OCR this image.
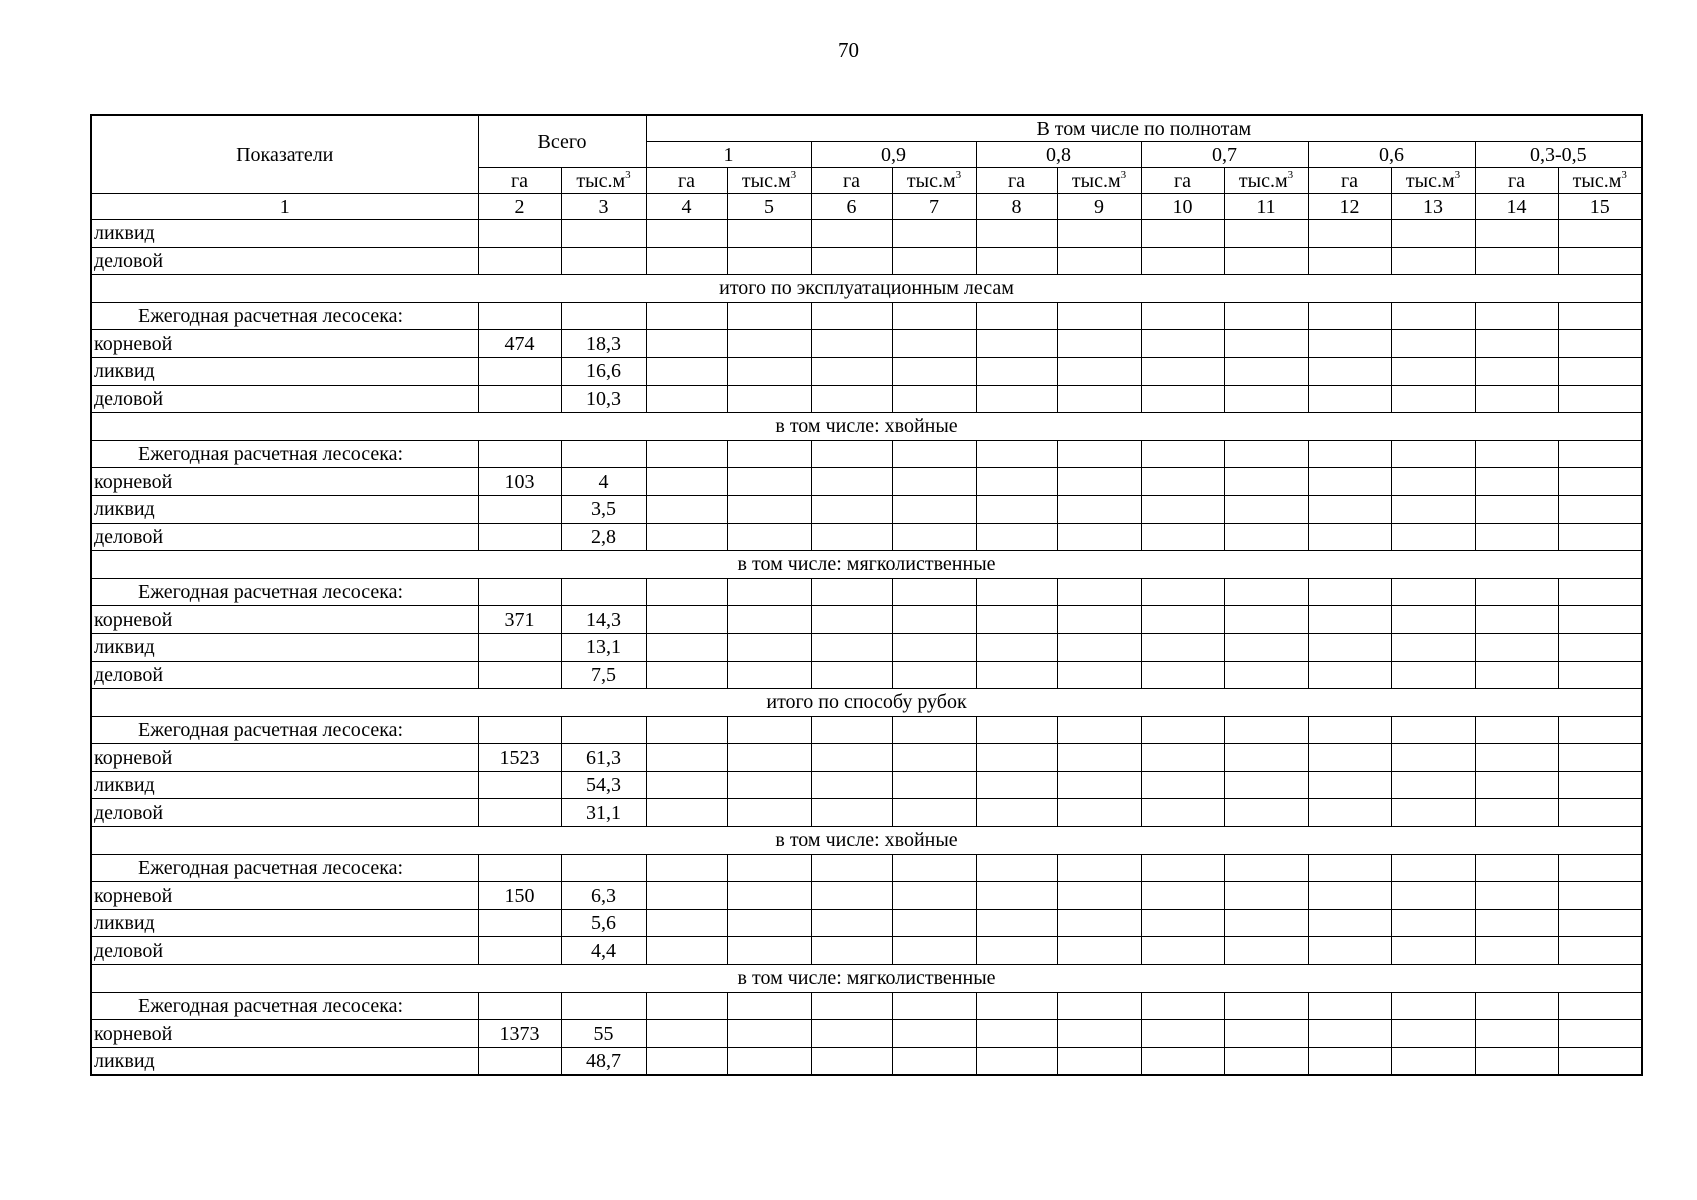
70
Показатели	Всего		В том числе по полнотам											
			1		0,9		0,8		0,7		0,6		0,3-0,5	
	га	$тыс.м^3$	га	$тыс.м^3$	га	$тыс.м^3$	га	$тыс.м^3$	га	$тыс.м^3$	га	$тыс.м^3$	га	$тыс.м^3$
1	2	3	4	5	6	7	8	9	10	11	12	13	14	15
ликвид														
деловой														
итого по эксплуатационным лесам														
Ежегодная расчетная лесосека:														
корневой	474	18,3												
ликвид		16,6												
деловой		10,3												
в том числе: хвойные														
Ежегодная расчетная лесосека:														
корневой	103	4												
ликвид		3,5												
деловой		2,8												
в том числе: мягколиственные														
Ежегодная расчетная лесосека:														
корневой	371	14,3												
ликвид		13,1												
деловой		7,5												
итого по способу рубок														
Ежегодная расчетная лесосека:														
корневой	1523	61,3												
ликвид		54,3												
деловой		31,1												
в том числе: хвойные														
Ежегодная расчетная лесосека:														
корневой	150	6,3												
ликвид		5,6												
деловой		4,4												
в том числе: мягколиственные														
Ежегодная расчетная лесосека:														
корневой	1373	55												
ликвид		48,7												
